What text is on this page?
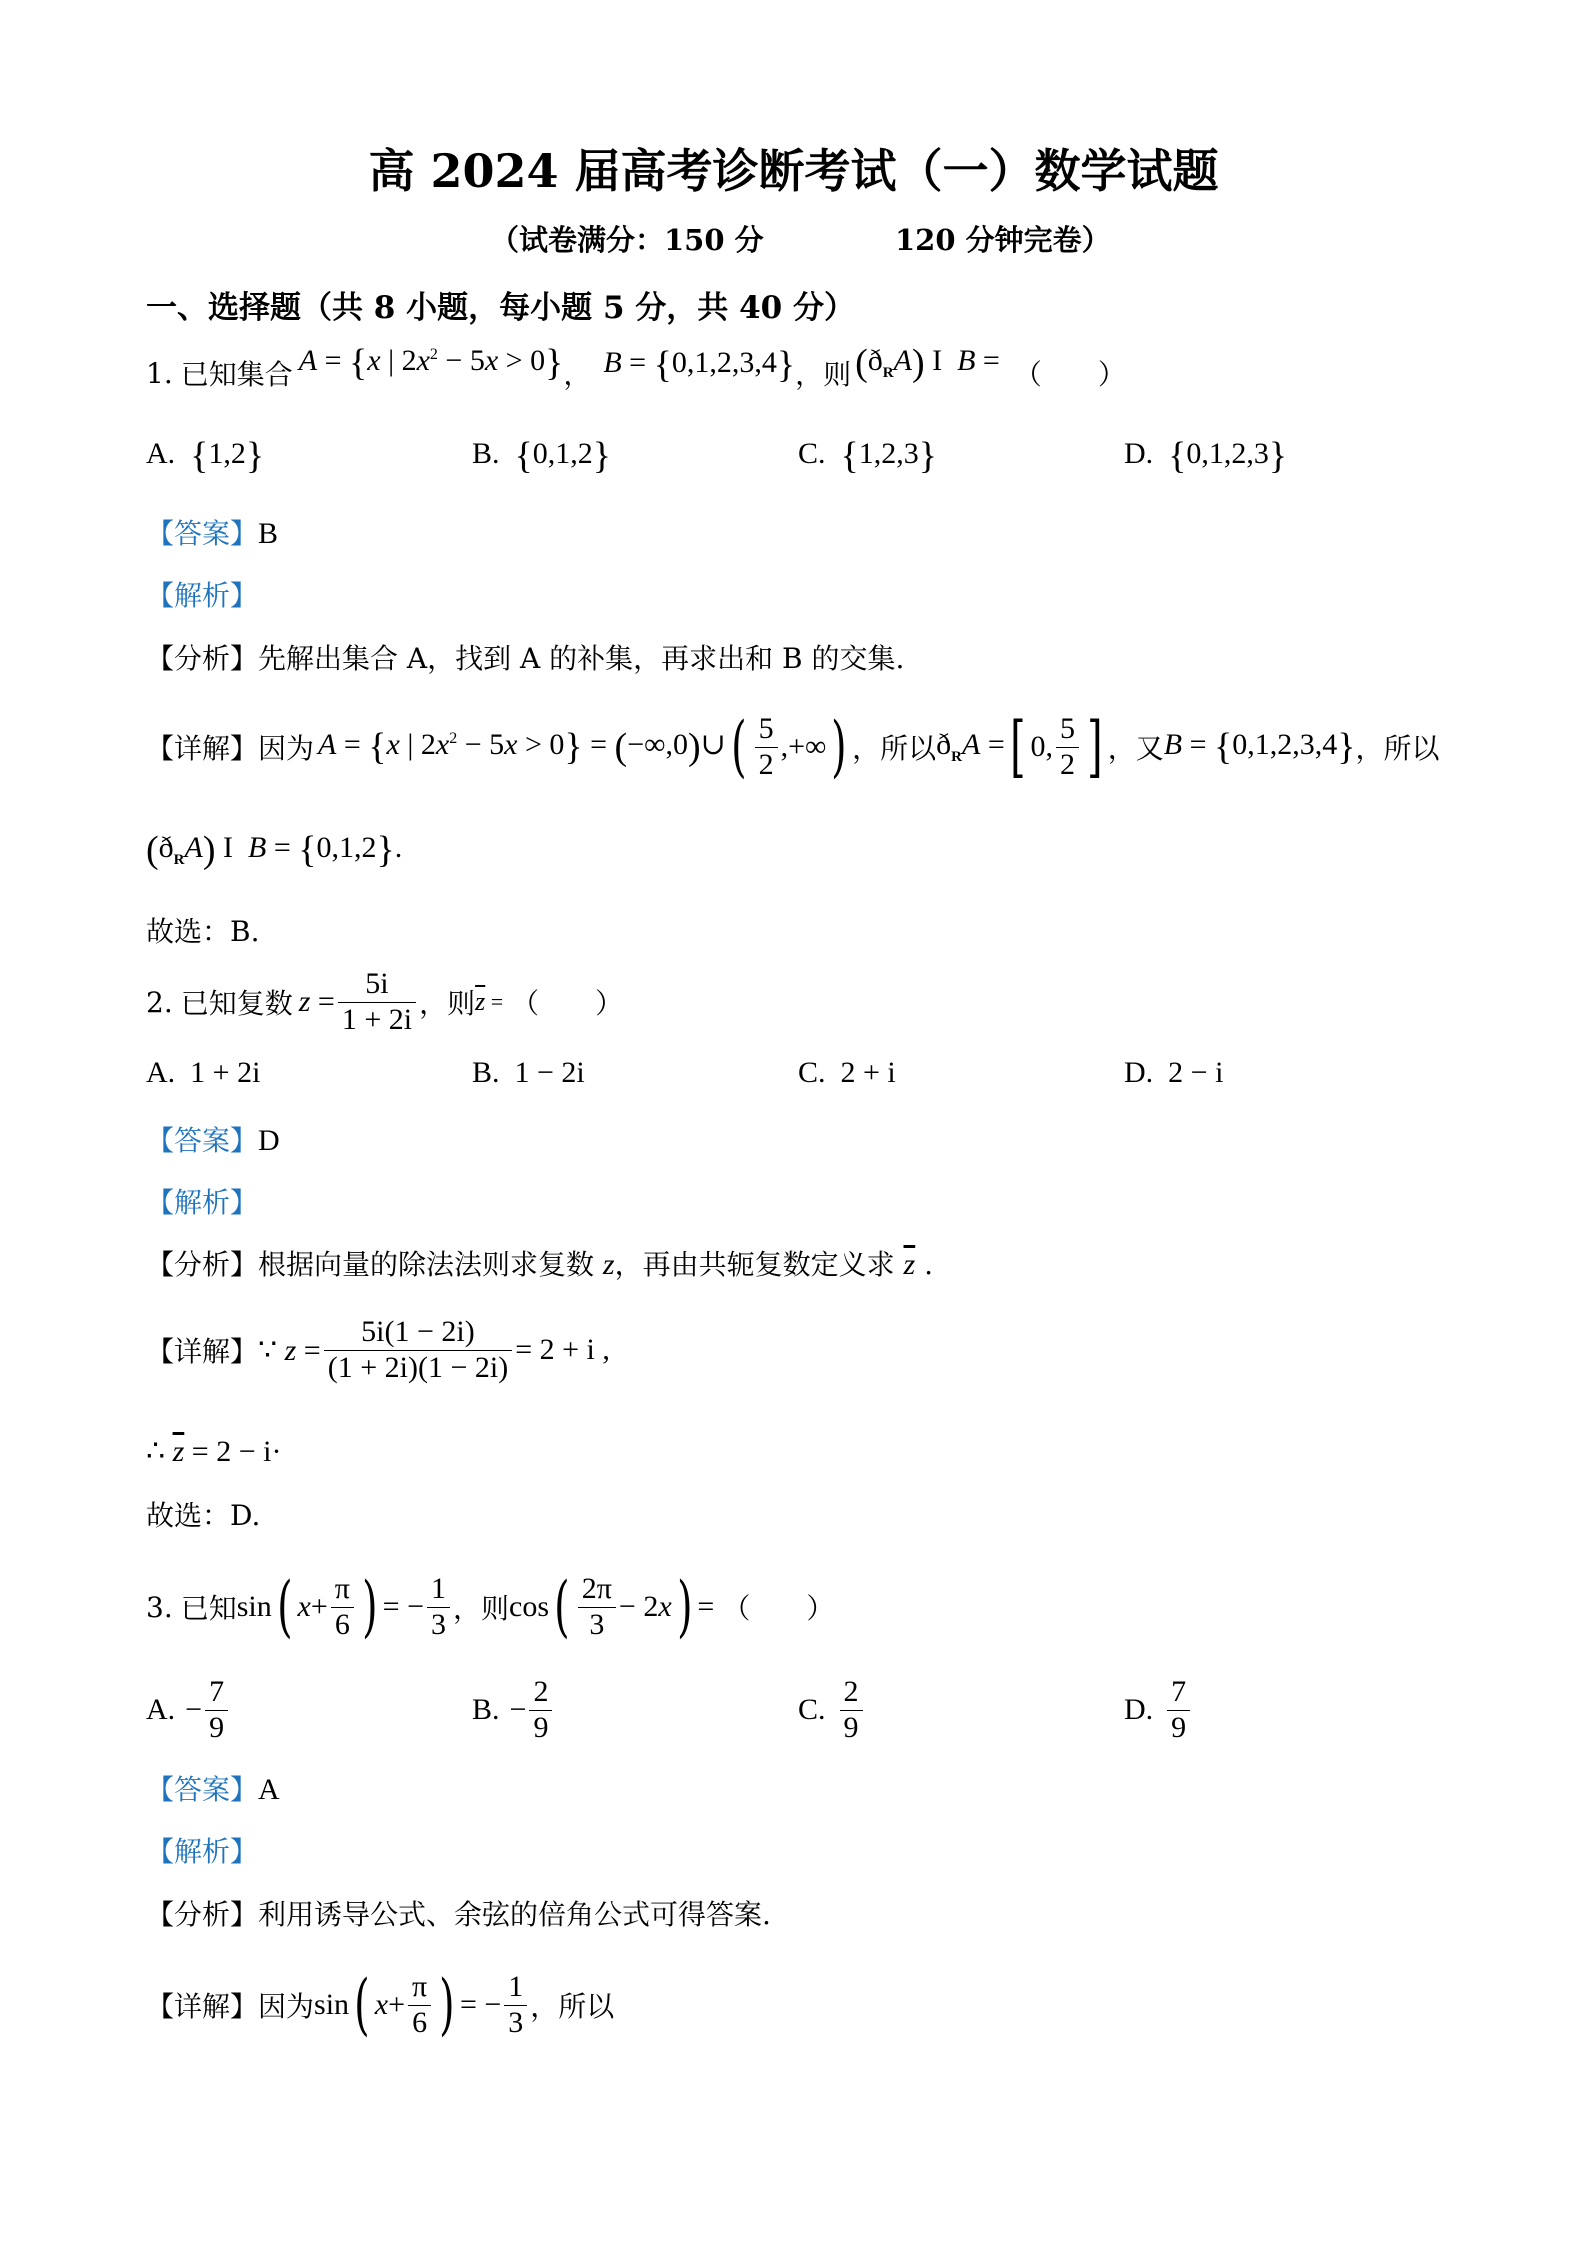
高 2024 届高考诊断考试（一）数学试题
（试卷满分：150 分	120 分钟完卷）
一、选择题（共 8 小题，每小题 5 分，共 40 分）
1. 已知集合 A = {x | $2x^2 - 5x > 0$} ， B = {0,1,2,3,4} ，则 $(ð_RA)$ I  B = （　　）
A. {1,2}	B. {0,1,2}	C. {1,2,3}	D. {0,1,2,3}
【答案】B
【解析】
【分析】先解出集合 A，找到 A 的补集，再求出和 B 的交集.
【详解】 因为 A = {x | $2x^2 - 5x > 0$} = (−∞,0)∪ ( $\frac{5}{2}$ ,+∞ ) ，所以 $ð_RA$ = [ 0, $\frac{5}{2}$ ] ，又 B = {0,1,2,3,4} ，所以
$(ð_RA)$ I  B = {0,1,2}.
故选：B.
2. 已知复数 $z = \frac{5i}{1 + 2i}$ ，则 $\overline{z}$ = （　　）
A. 1 + 2i	B. 1 − 2i	C. 2 + i	D. 2 − i
【答案】D
【解析】
【分析】根据向量的除法法则求复数 z，再由共轭复数定义求 $\overline{z}$ .
【详解】 ∵ $z = \frac{5i(1 - 2i)}{(1 + 2i)(1 - 2i)} = 2 + i$ ,
∴ $\overline{z} = 2 - i\cdot$
故选：D.
3. 已知 sin ( $x + \frac{\pi}{6}$ ) = − $\frac{1}{3}$ ，则 cos ( $\frac{2\pi}{3} - 2x$ ) = （　　）
A. − $\frac{7}{9}$	B. − $\frac{2}{9}$	C. $\frac{2}{9}$	D. $\frac{7}{9}$
【答案】A
【解析】
【分析】利用诱导公式、余弦的倍角公式可得答案.
【详解】 因为 sin ( $x + \frac{\pi}{6}$ ) = − $\frac{1}{3}$ ，所以
